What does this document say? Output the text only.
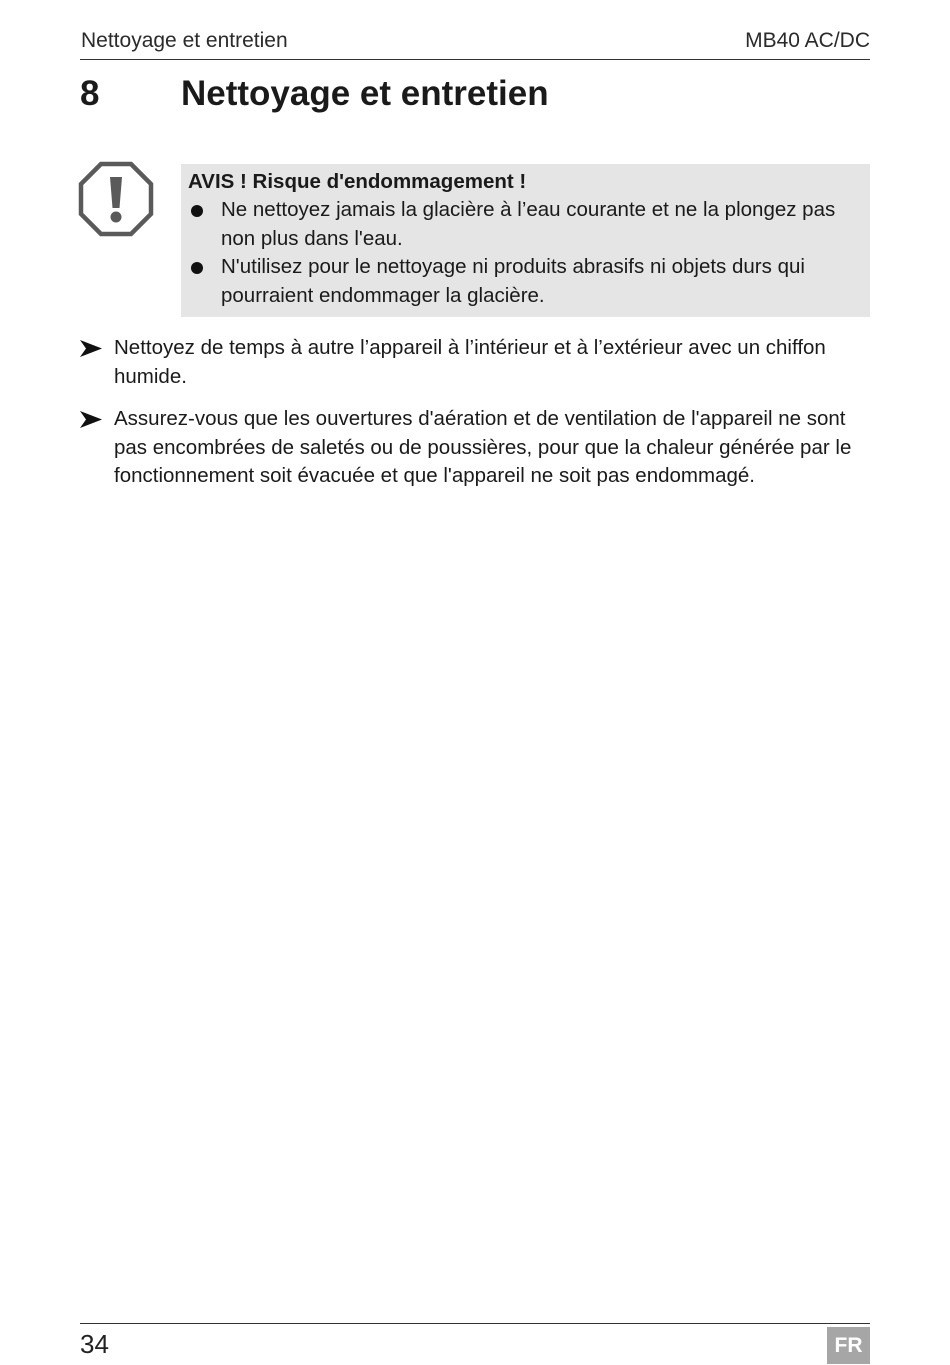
Nettoyage et entretien	MB40 AC/DC
8 Nettoyage et entretien
AVIS ! Risque d'endommagement !
Ne nettoyez jamais la glacière à l’eau courante et ne la plongez pas non plus dans l'eau.
N'utilisez pour le nettoyage ni produits abrasifs ni objets durs qui pourraient endommager la glacière.
Nettoyez de temps à autre l’appareil à l’intérieur et à l’extérieur avec un chiffon humide.
Assurez-vous que les ouvertures d'aération et de ventilation de l'appareil ne sont pas encombrées de saletés ou de poussières, pour que la chaleur générée par le fonctionnement soit évacuée et que l'appareil ne soit pas endommagé.
34	FR
